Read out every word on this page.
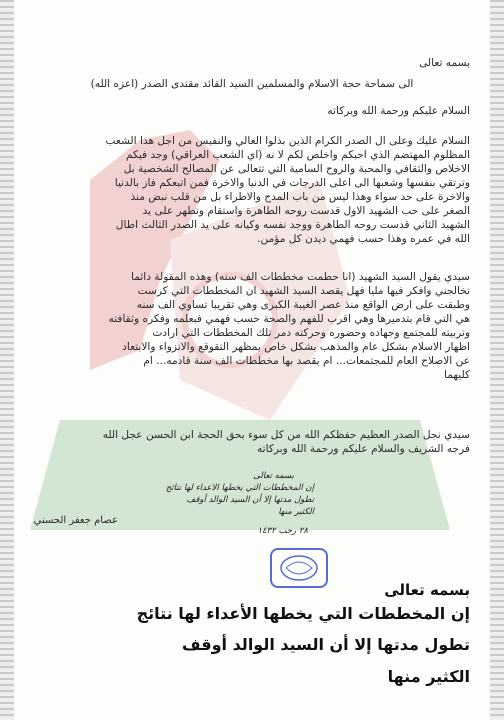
بسمه تعالى
الى سماحة حجة الاسلام والمسلمين السيد القائد مقتدى الصدر (اعزه الله)
السلام عليكم ورحمة الله وبركاته
السلام عليك وعلى ال الصدر الكرام الذين بذلوا الغالي والنفيس من اجل هذا الشعب
المظلوم المهتضم الذي احبكم واخلص لكم لا نه (اي الشعب العراقي) وجد فيكم
الاخلاص والثقافي والمحبة والروح السامية التي تتعالى عن المصالح الشخصية بل
وترتقي بنفسها وشعبها الى اعلى الدرجات في الدنيا والاخرة فمن اتبعكم فاز بالدنيا
والاخرة على حد سواء وهذا ليس من باب المدح والاطراء بل من قلب نبض منذ
الصغر على حب الشهيد الاول قدست روحه الطاهرة واستقام وتطهر على يد
الشهيد الثاني قدست روحه الطاهرة ووجد نفسه وكيانه على يد الصدر الثالث اطال
الله في عمره وهذا حسب فهمي ديدن كل مؤمن.
سيدي يقول السيد الشهيد (انا حطمت مخططات الف سنه) وهذه المقولة دائما
تخالجني وافكر فيها مليا فهل يقصد السيد الشهيد ان المخططات التي كرست
وطبقت على ارض الواقع منذ عصر الغيبة الكبرى وهي تقريبا تساوي الف سنه
هي التي قام بتدميرها وهي اقرب للفهم والصحة حسب فهمي فبعلمه وفكره وثقافته
وتربيته للمجتمع وجهاده وحضوره وحركته دمر تلك المخططات التي ارادت
اظهار الاسلام بشكل عام والمذهب بشكل خاص بمظهر التقوقع والانزواء والابتعاد
عن الاصلاح العام للمجتمعات... ام يقصد بها مخططات الف سنة قادمه... ام
كليهما
سيدي نجل الصدر العظيم حفظكم الله من كل سوء بحق الحجة ابن الحسن عجل الله
فرجه الشريف والسلام عليكم ورحمة الله وبركاته
بسمه تعالى
إن المخططات التي يخطها الاعداء لها نتائج
تطول مدتها إلا أن السيد الوالد أوقف
الكثير منها
٢٨ رجب ١٤٣٢
عصام جعفر الحسني
بسمه تعالى
إن المخططات التي يخطها الأعداء لها نتائج
تطول مدتها إلا أن السيد الوالد أوقف
الكثير منها
